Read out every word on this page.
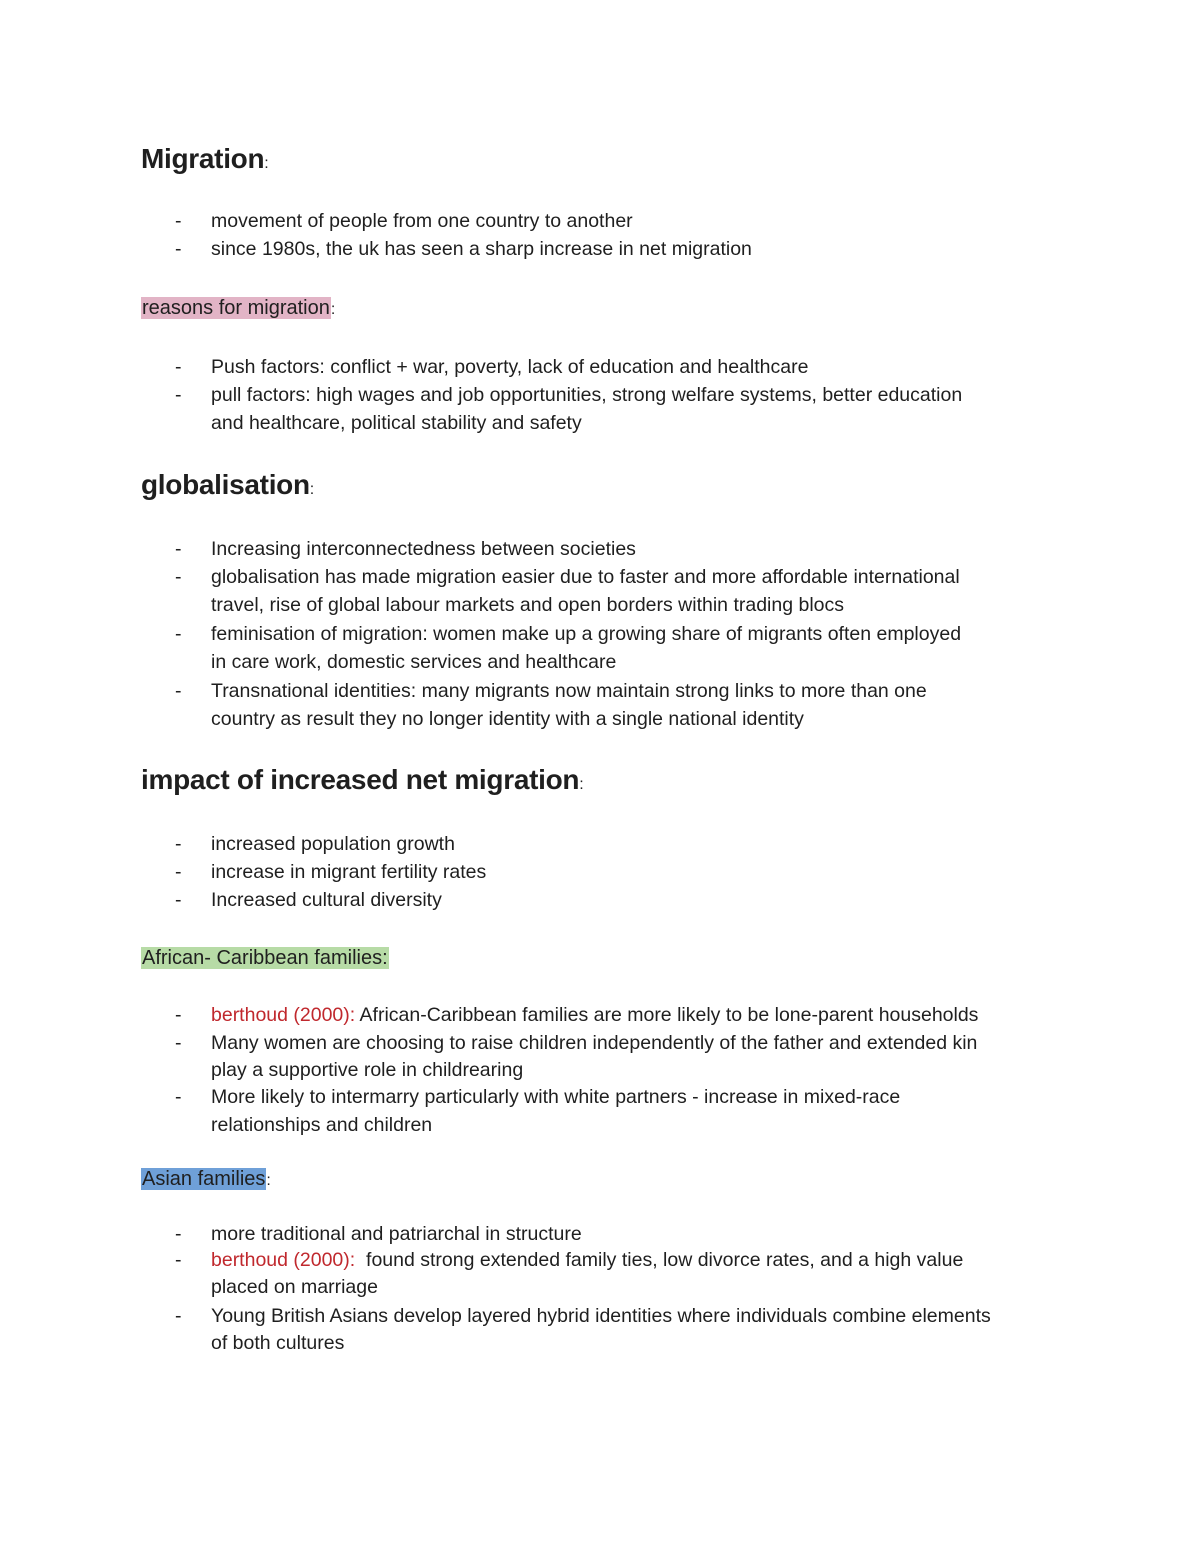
Migration:
- movement of people from one country to another
- since 1980s, the uk has seen a sharp increase in net migration
reasons for migration:
- Push factors: conflict + war, poverty, lack of education and healthcare
- pull factors: high wages and job opportunities, strong welfare systems, better education
and healthcare, political stability and safety
globalisation:
- Increasing interconnectedness between societies
- globalisation has made migration easier due to faster and more affordable international
travel, rise of global labour markets and open borders within trading blocs
- feminisation of migration: women make up a growing share of migrants often employed
in care work, domestic services and healthcare
- Transnational identities: many migrants now maintain strong links to more than one
country as result they no longer identity with a single national identity
impact of increased net migration:
- increased population growth
- increase in migrant fertility rates
- Increased cultural diversity
African- Caribbean families:
- berthoud (2000): African-Caribbean families are more likely to be lone-parent households
- Many women are choosing to raise children independently of the father and extended kin
play a supportive role in childrearing
- More likely to intermarry particularly with white partners - increase in mixed-race
relationships and children
Asian families:
- more traditional and patriarchal in structure
- berthoud (2000):  found strong extended family ties, low divorce rates, and a high value
placed on marriage
- Young British Asians develop layered hybrid identities where individuals combine elements
of both cultures
